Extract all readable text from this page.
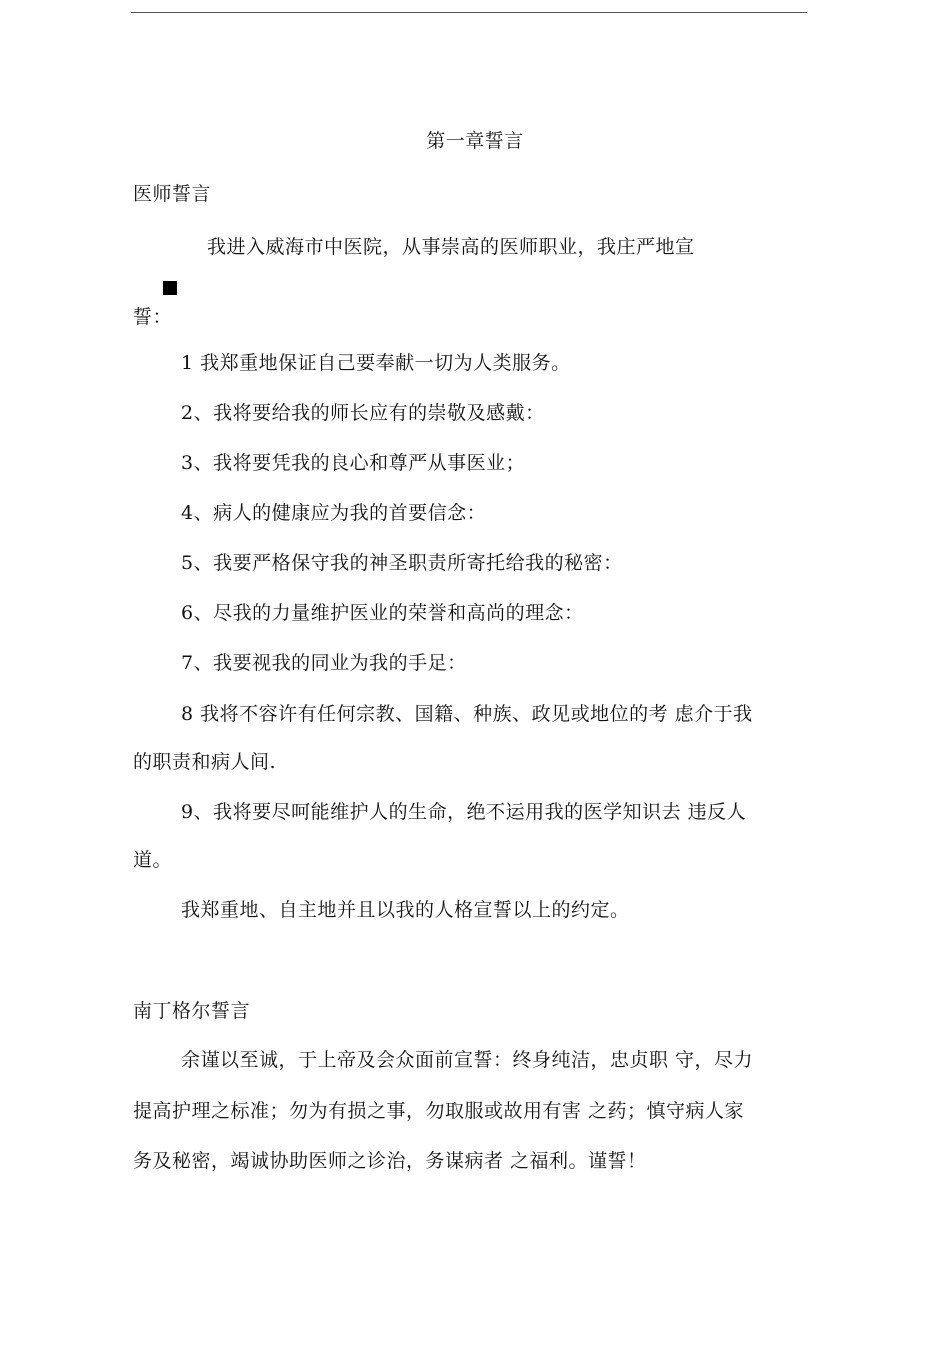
第一章誓言

医师誓言

我进入威海市中医院，从事崇高的医师职业，我庄严地宣

誓：

1 我郑重地保证自己要奉献一切为人类服务。

2、我将要给我的师长应有的崇敬及感戴：

3、我将要凭我的良心和尊严从事医业；

4、病人的健康应为我的首要信念：

5、我要严格保守我的神圣职责所寄托给我的秘密：

6、尽我的力量维护医业的荣誉和高尚的理念：

7、我要视我的同业为我的手足：

8 我将不容许有任何宗教、国籍、种族、政见或地位的考 虑介于我

的职责和病人间.

9、我将要尽呵能维护人的生命，绝不运用我的医学知识去 违反人

道。

我郑重地、自主地并且以我的人格宣誓以上的约定。

南丁格尔誓言

余谨以至诚，于上帝及会众面前宣誓：终身纯洁，忠贞职 守，尽力

提高护理之标准；勿为有损之事，勿取服或故用有害 之药；慎守病人家

务及秘密，竭诚协助医师之诊治，务谋病者 之福利。谨誓！
